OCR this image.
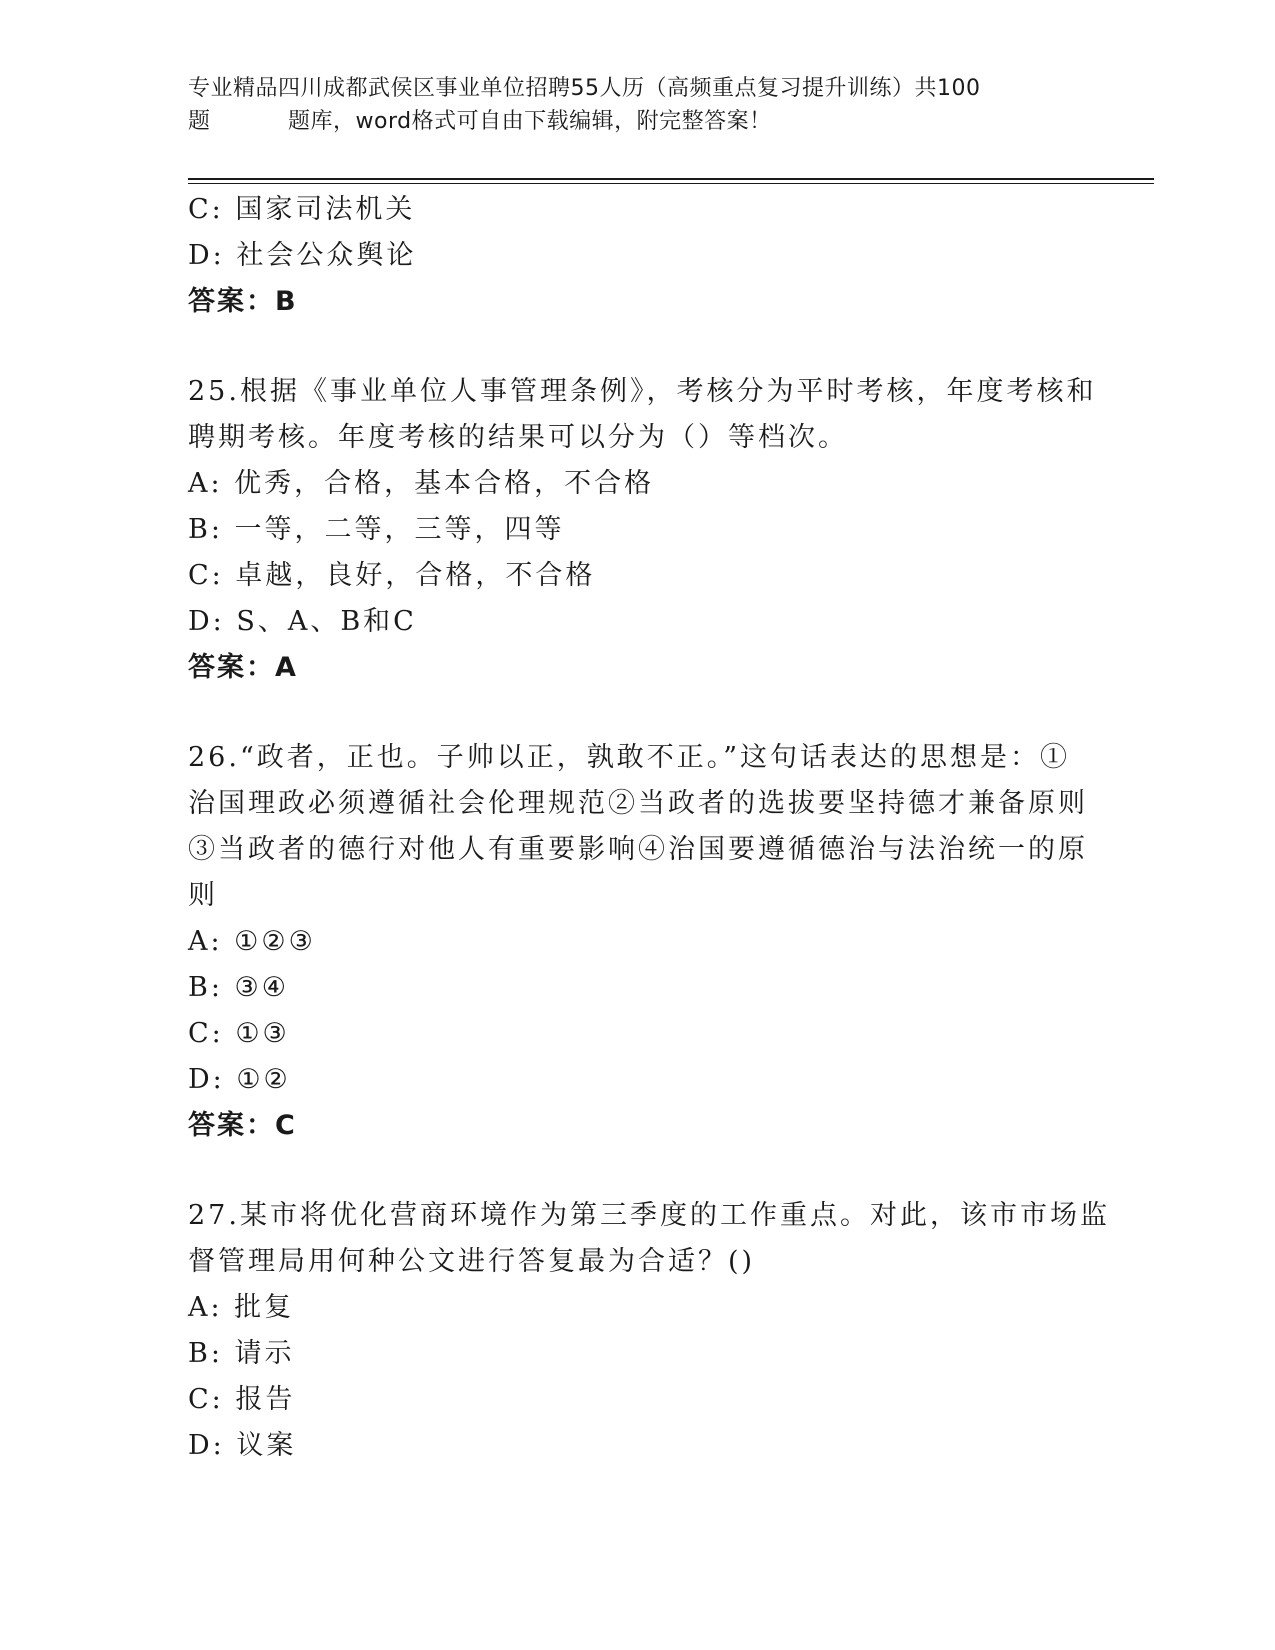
专业精品四川成都武侯区事业单位招聘55人历（高频重点复习提升训练）共100
题	题库，word格式可自由下载编辑，附完整答案！
C: 国家司法机关
D: 社会公众舆论
答案：B
25.根据《事业单位人事管理条例》，考核分为平时考核，年度考核和
聘期考核。年度考核的结果可以分为（）等档次。
A: 优秀，合格，基本合格，不合格
B: 一等，二等，三等，四等
C: 卓越，良好，合格，不合格
D: S、A、B和C
答案：A
26.“政者，正也。子帅以正，孰敢不正。”这句话表达的思想是：①
治国理政必须遵循社会伦理规范②当政者的选拔要坚持德才兼备原则
③当政者的德行对他人有重要影响④治国要遵循德治与法治统一的原
则
A: ①②③
B: ③④
C: ①③
D: ①②
答案：C
27.某市将优化营商环境作为第三季度的工作重点。对此，该市市场监
督管理局用何种公文进行答复最为合适？()
A: 批复
B: 请示
C: 报告
D: 议案
